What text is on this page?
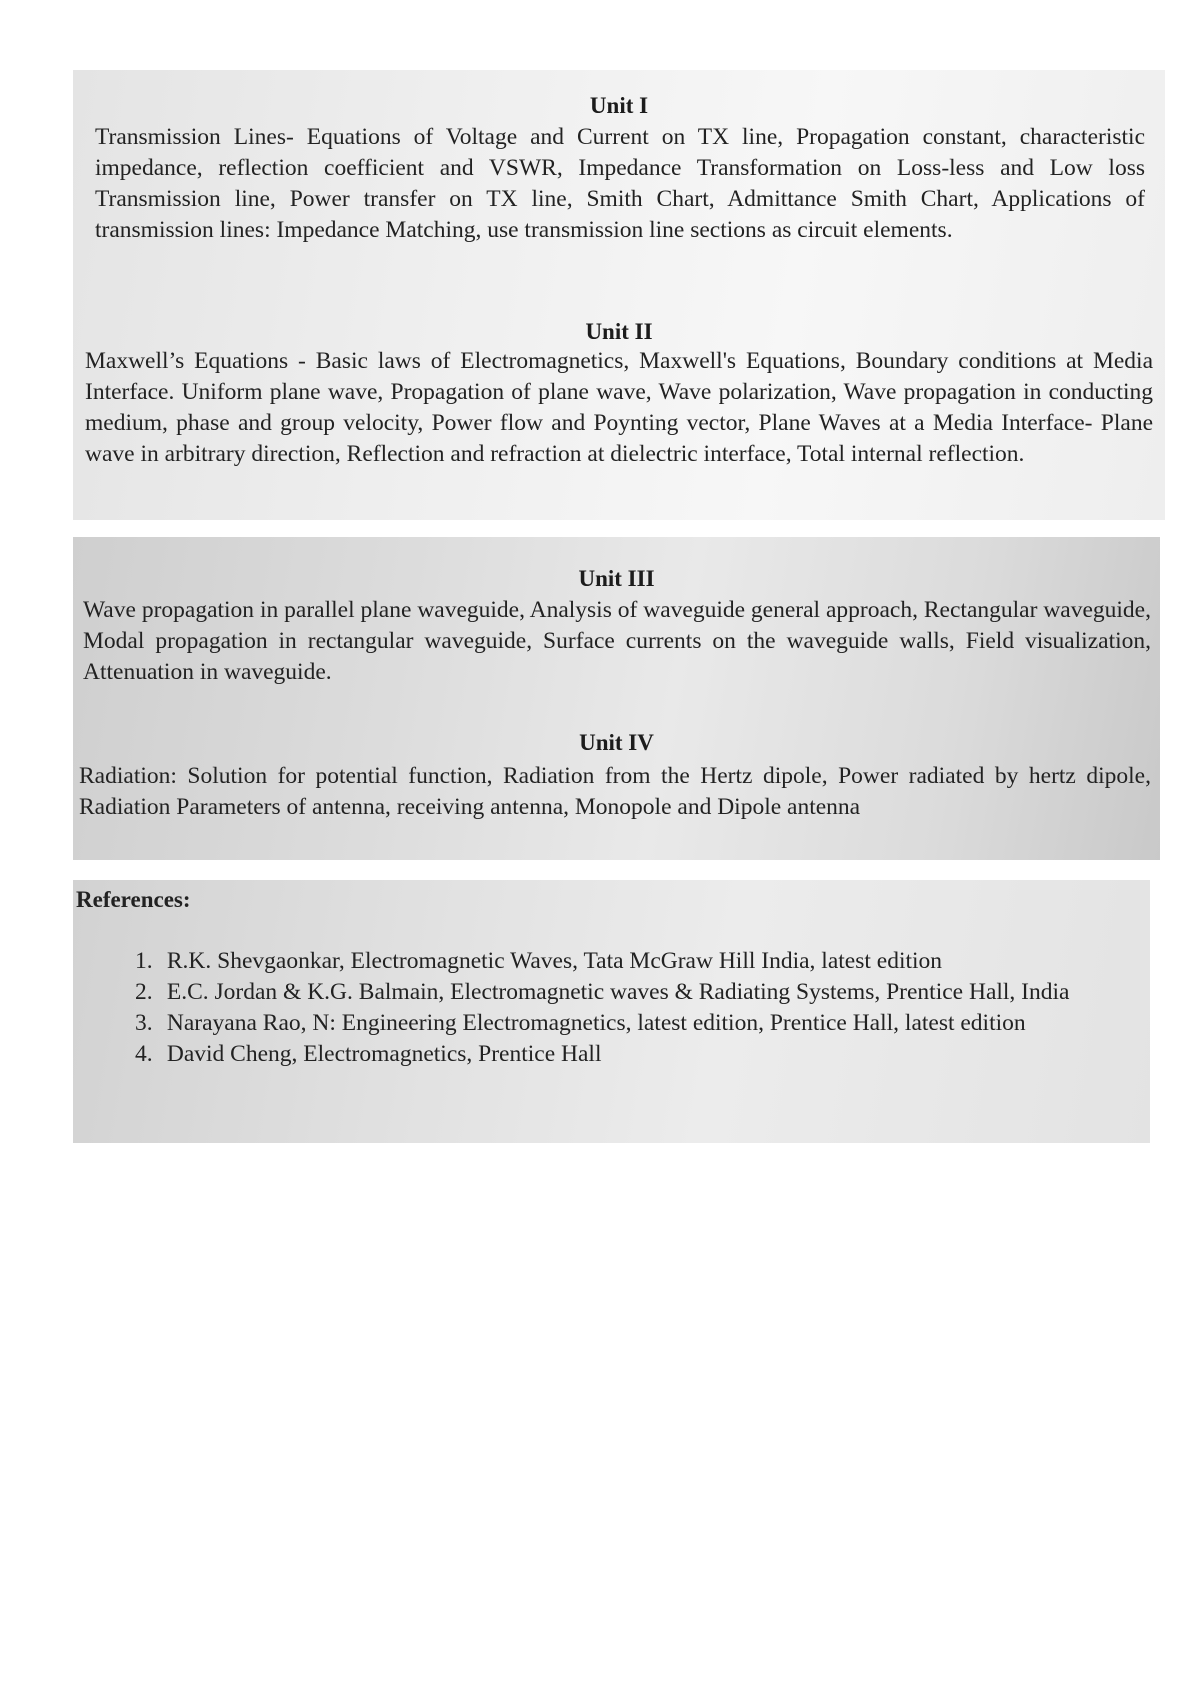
Unit I

Transmission Lines- Equations of Voltage and Current on TX line, Propagation constant, characteristic impedance, reflection coefficient and VSWR, Impedance Transformation on Loss-less and Low loss Transmission line, Power transfer on TX line, Smith Chart, Admittance Smith Chart, Applications of transmission lines: Impedance Matching, use transmission line sections as circuit elements.

Unit II

Maxwell’s Equations - Basic laws of Electromagnetics, Maxwell's Equations, Boundary conditions at Media Interface. Uniform plane wave, Propagation of plane wave, Wave polarization, Wave propagation in conducting medium, phase and group velocity, Power flow and Poynting vector, Plane Waves at a Media Interface- Plane wave in arbitrary direction, Reflection and refraction at dielectric interface, Total internal reflection.

Unit III

Wave propagation in parallel plane waveguide, Analysis of waveguide general approach, Rectangular waveguide, Modal propagation in rectangular waveguide, Surface currents on the waveguide walls, Field visualization, Attenuation in waveguide.

Unit IV

Radiation: Solution for potential function, Radiation from the Hertz dipole, Power radiated by hertz dipole, Radiation Parameters of antenna, receiving antenna, Monopole and Dipole antenna

References:
1. R.K. Shevgaonkar, Electromagnetic Waves, Tata McGraw Hill India, latest edition
2. E.C. Jordan & K.G. Balmain, Electromagnetic waves & Radiating Systems, Prentice Hall, India
3. Narayana Rao, N: Engineering Electromagnetics, latest edition, Prentice Hall, latest edition
4. David Cheng, Electromagnetics, Prentice Hall
